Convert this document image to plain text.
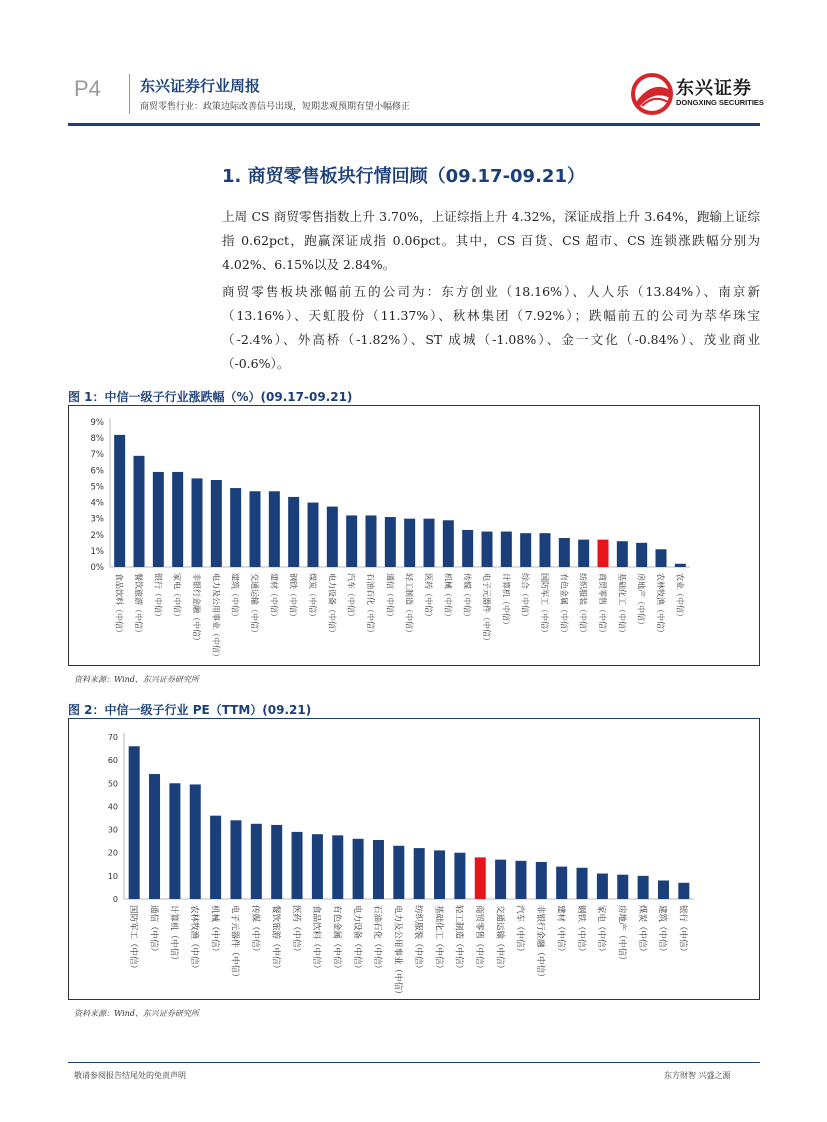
P4	东兴证券行业周报
商贸零售行业：政策边际改善信号出现，短期悲观预期有望小幅修正
东兴证券
DONGXING SECURITIES
1. 商贸零售板块行情回顾（09.17-09.21）
上周 CS 商贸零售指数上升 3.70%，上证综指上升 4.32%，深证成指上升 3.64%，跑输上证综指 0.62pct，跑赢深证成指 0.06pct。其中，CS 百货、CS 超市、CS 连锁涨跌幅分别为 4.02%、6.15%以及 2.84%。
商贸零售板块涨幅前五的公司为：东方创业（18.16%）、人人乐（13.84%）、南京新（13.16%）、天虹股份（11.37%）、秋林集团（7.92%）；跌幅前五的公司为萃华珠宝（-2.4%）、外高桥（-1.82%）、ST 成城（-1.08%）、金一文化（-0.84%）、茂业商业（-0.6%）。
图 1：中信一级子行业涨跌幅（%）(09.17-09.21)
0%
1%
2%
3%
4%
5%
6%
7%
8%
9%
食品饮料（中信） 餐饮旅游（中信） 银行（中信） 家电（中信） 非银行金融（中信） 电力及公用事业（中信） 建筑（中信） 交通运输（中信） 建材（中信） 钢铁（中信） 煤炭（中信） 电力设备（中信） 汽车（中信） 石油石化（中信） 通信（中信） 轻工制造（中信） 医药（中信） 机械（中信） 传媒（中信） 电子元器件（中信） 计算机（中信） 综合（中信） 国防军工（中信） 有色金属（中信） 纺织服装（中信） 商贸零售（中信） 基础化工（中信） 房地产（中信） 农林牧渔（中信） 农业（中信）
资料来源：Wind、东兴证券研究所
图 2：中信一级子行业 PE（TTM）(09.21)
0
10
20
30
40
50
60
70
国防军工（中信） 通信（中信） 计算机（中信） 农林牧渔（中信） 机械（中信） 电子元器件（中信） 传媒（中信） 餐饮旅游（中信） 医药（中信） 食品饮料（中信） 有色金属（中信） 电力设备（中信） 石油石化（中信） 电力及公用事业（中信） 纺织服装（中信） 基础化工（中信） 轻工制造（中信） 商贸零售（中信） 交通运输（中信） 汽车（中信） 非银行金融（中信） 建材（中信） 钢铁（中信） 家电（中信） 房地产（中信） 煤炭（中信） 建筑（中信） 银行（中信）
资料来源：Wind、东兴证券研究所
敬请参阅报告结尾处的免责声明	东方财智 兴盛之源
